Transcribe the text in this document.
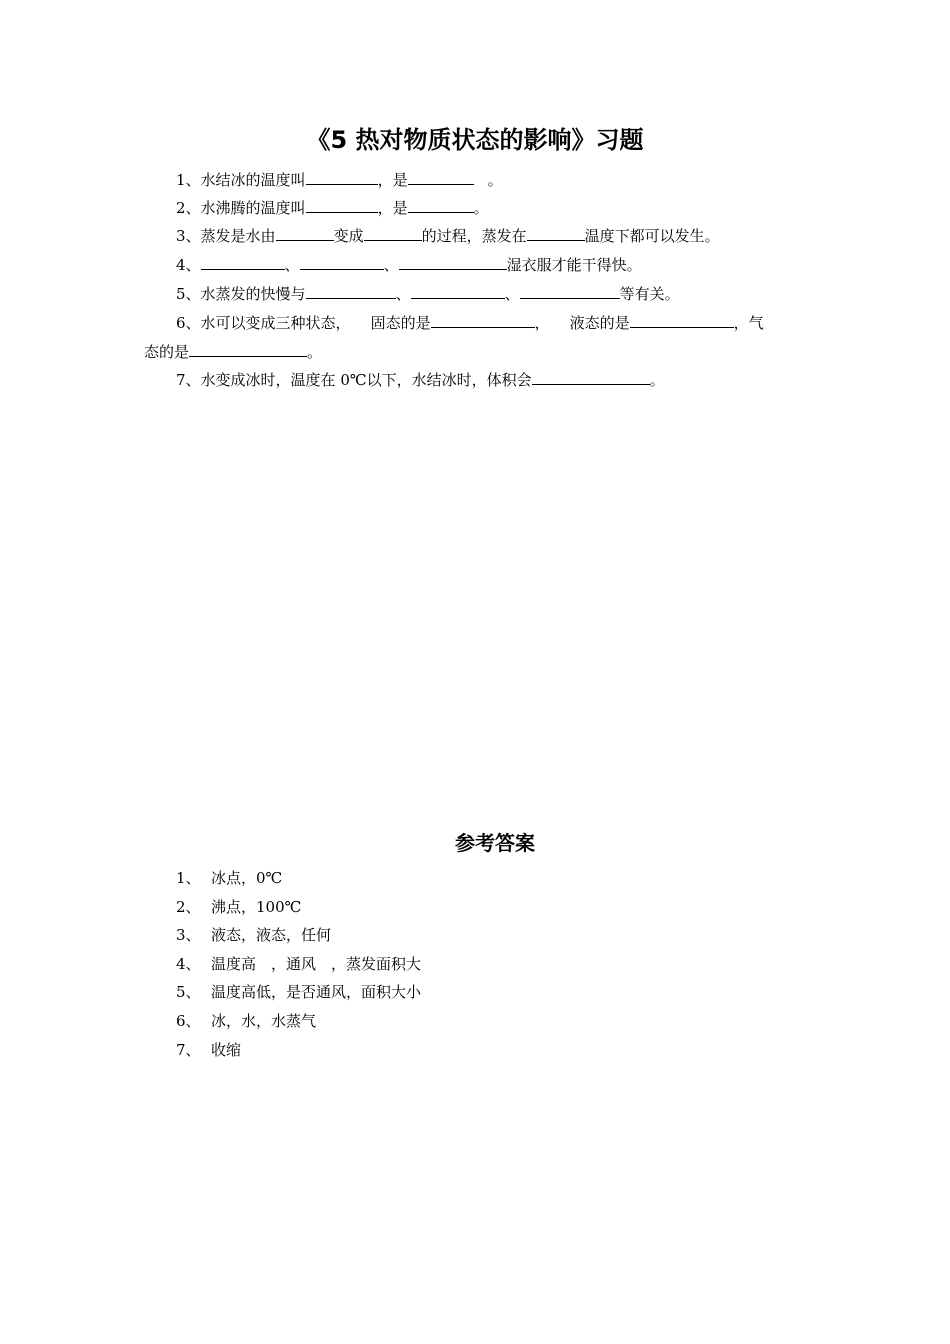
《5 热对物质状态的影响》习题
1、水结冰的温度叫	，是	。
2、水沸腾的温度叫	，是	。
3、蒸发是水由	变成	的过程，蒸发在	温度下都可以发生。
4、	、	、	湿衣服才能干得快。
5、水蒸发的快慢与	、	、	等有关。
6、水可以变成三种状态， 固态的是	， 液态的是	，气
态的是	。
7、水变成冰时，温度在 0℃以下，水结冰时，体积会	。
参考答案
1、 冰点，0℃
2、 沸点，100℃
3、 液态，液态，任何
4、 温度高　，通风　，蒸发面积大
5、 温度高低，是否通风，面积大小
6、 冰，水，水蒸气
7、 收缩
